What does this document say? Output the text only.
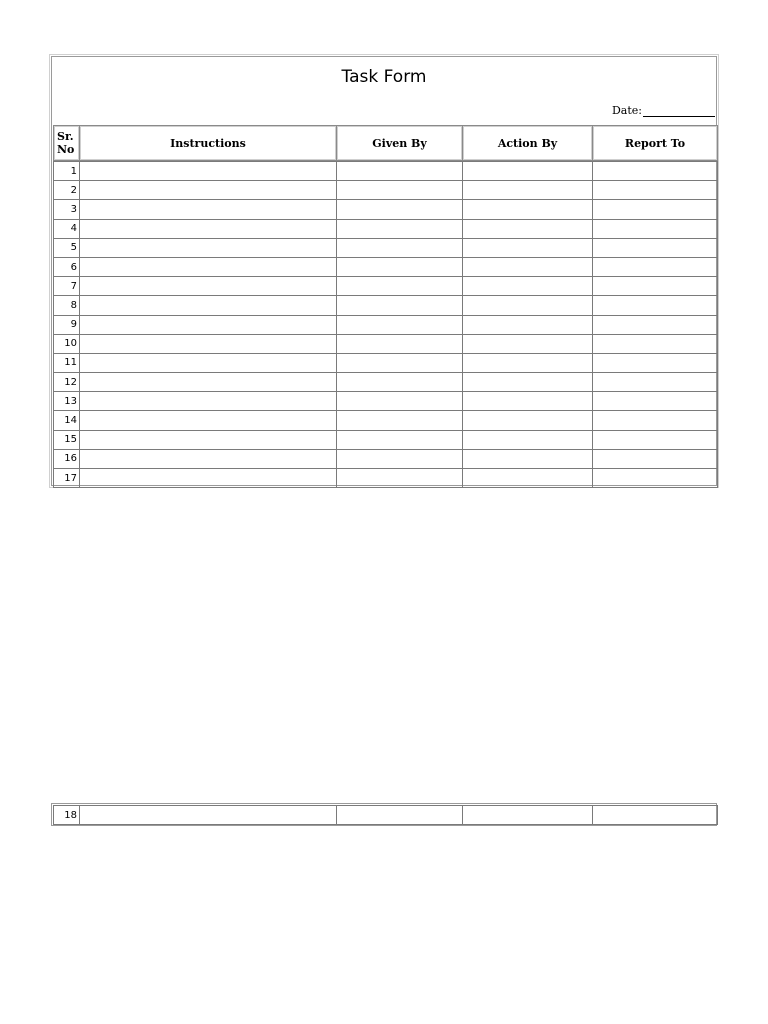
Task Form
Date:
Sr.
No	Instructions	Given By	Action By	Report To
1				
2				
3				
4				
5				
6				
7				
8				
9				
10				
11				
12				
13				
14				
15				
16				
17				
18				
